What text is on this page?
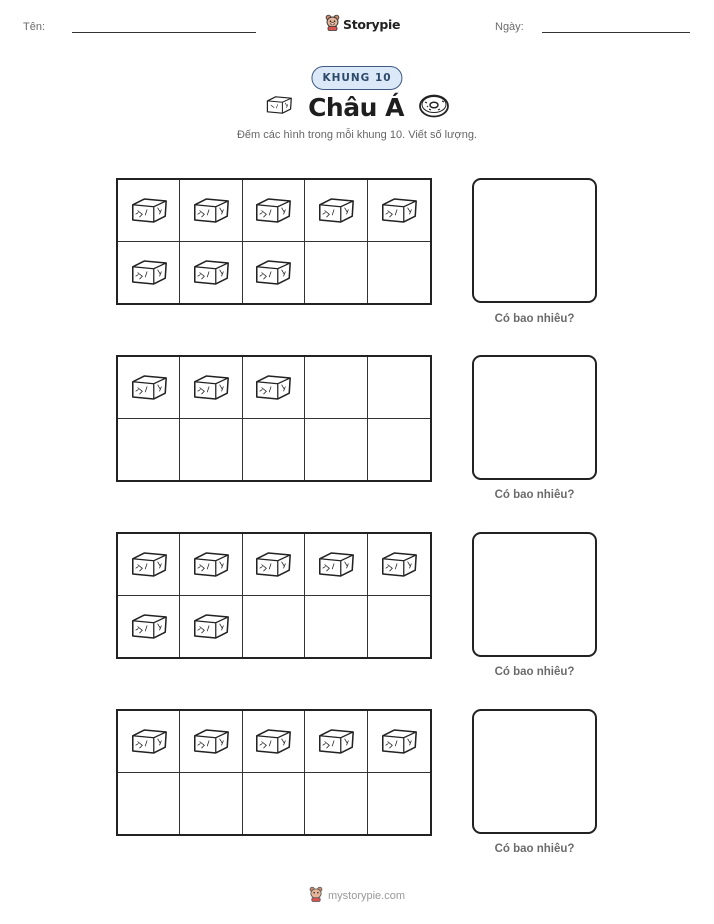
Tên:	Storypie	Ngày:
KHUNG 10
Châu Á
Đếm các hình trong mỗi khung 10. Viết số lượng.
Có bao nhiêu?
Có bao nhiêu?
Có bao nhiêu?
Có bao nhiêu?
mystorypie.com
